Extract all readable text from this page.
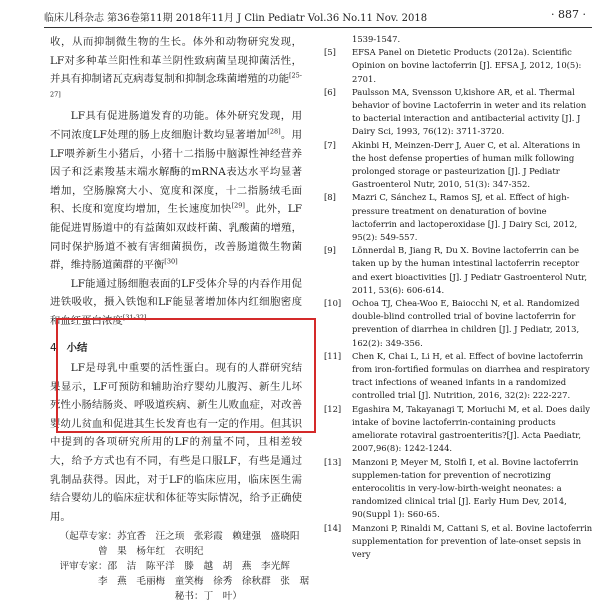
临床儿科杂志 第36卷第11期 2018年11月 J Clin Pediatr Vol.36 No.11 Nov. 2018	· 887 ·

收，从而抑制微生物的生长。体外和动物研究发现，LF对多种革兰阳性和革兰阴性致病菌呈现抑菌活性，并具有抑制诸瓦克病毒复制和抑制念珠菌增殖的功能[25-27]

LF具有促进肠道发育的功能。体外研究发现，用不同浓度LF处理的肠上皮细胞计数均显著增加[28]。用LF喂养新生小猪后，小猪十二指肠中脑源性神经营养因子和泛素羧基末端水解酶的mRNA表达水平均显著增加，空肠腺窝大小、宽度和深度，十二指肠绒毛面积、长度和宽度均增加，生长速度加快[29]。此外，LF能促进胃肠道中的有益菌如双歧杆菌、乳酸菌的增殖，同时保护肠道不被有害细菌损伤，改善肠道微生物菌群，维持肠道菌群的平衡[30]

LF能通过肠细胞表面的LF受体介导的内吞作用促进铁吸收，摄入铁饱和LF能显著增加体内红细胞密度和血红蛋白浓度[31-32]

4 小结

LF是母乳中重要的活性蛋白。现有的人群研究结果显示，LF可预防和辅助治疗婴幼儿腹泻、新生儿坏死性小肠结肠炎、呼吸道疾病、新生儿败血症，对改善婴幼儿贫血和促进其生长发育也有一定的作用。但其识中提到的各项研究所用的LF的剂量不同，且相差较大，给予方式也有不同，有些是口服LF，有些是通过乳制品获得。因此，对于LF的临床应用，临床医生需结合婴幼儿的临床症状和体征等实际情况，给予正确使用。

（起草专家：苏宜香　汪之顼　张彩霞　赖建强　盛晓阳
曾　果　杨年红　衣明纪
评审专家：邵　洁　陈平洋　滕　越　胡　燕　李光辉
李　燕　毛丽梅　童笑梅　徐秀　徐秋群　张　琚
秘书：丁　叶）
1539-1547.
[5]	EFSA Panel on Dietetic Products (2012a). Scientific Opinion on bovine lactoferrin [J]. EFSA J, 2012, 10(5): 2701.
[6]	Paulsson MA, Svensson U,kishore AR, et al. Thermal behavior of bovine Lactoferrin in weter and its relation to bacterial interaction and antibacterial activity [J]. J Dairy Sci, 1993, 76(12): 3711-3720.
[7]	Akinbi H, Meinzen-Derr J, Auer C, et al. Alterations in the host defense properties of human milk following prolonged storage or pasteurization [J]. J Pediatr Gastroenterol Nutr, 2010, 51(3): 347-352.
[8]	Mazri C, Sánchez L, Ramos SJ, et al. Effect of high-pressure treatment on denaturation of bovine lactoferrin and lactoperoxidase [J]. J Dairy Sci, 2012, 95(2): 549-557.
[9]	Lönnerdal B, Jiang R, Du X. Bovine lactoferrin can be taken up by the human intestinal lactoferrin receptor and exert bioactivities [J]. J Pediatr Gastroenterol Nutr, 2011, 53(6): 606-614.
[10]	Ochoa TJ, Chea-Woo E, Baiocchi N, et al. Randomized double-blind controlled trial of bovine lactoferrin for prevention of diarrhea in children [J]. J Pediatr, 2013, 162(2): 349-356.
[11]	Chen K, Chai L, Li H, et al. Effect of bovine lactoferrin from iron-fortified formulas on diarrhea and respiratory tract infections of weaned infants in a randomized controlled trial [J]. Nutrition, 2016, 32(2): 222-227.
[12]	Egashira M, Takayanagi T, Moriuchi M, et al. Does daily intake of bovine lactoferrin-containing products ameliorate rotaviral gastroenteritis?[J]. Acta Paediatr, 2007,96(8): 1242-1244.
[13]	Manzoni P, Meyer M, Stolfi I, et al. Bovine lactoferrin supplemen-tation for prevention of necrotizing enterocolitis in very-low-birth-weight neonates: a randomized clinical trial [J]. Early Hum Dev, 2014, 90(Suppl 1): S60-65.
[14]	Manzoni P, Rinaldi M, Cattani S, et al. Bovine lactoferrin supplementation for prevention of late-onset sepsis in very
